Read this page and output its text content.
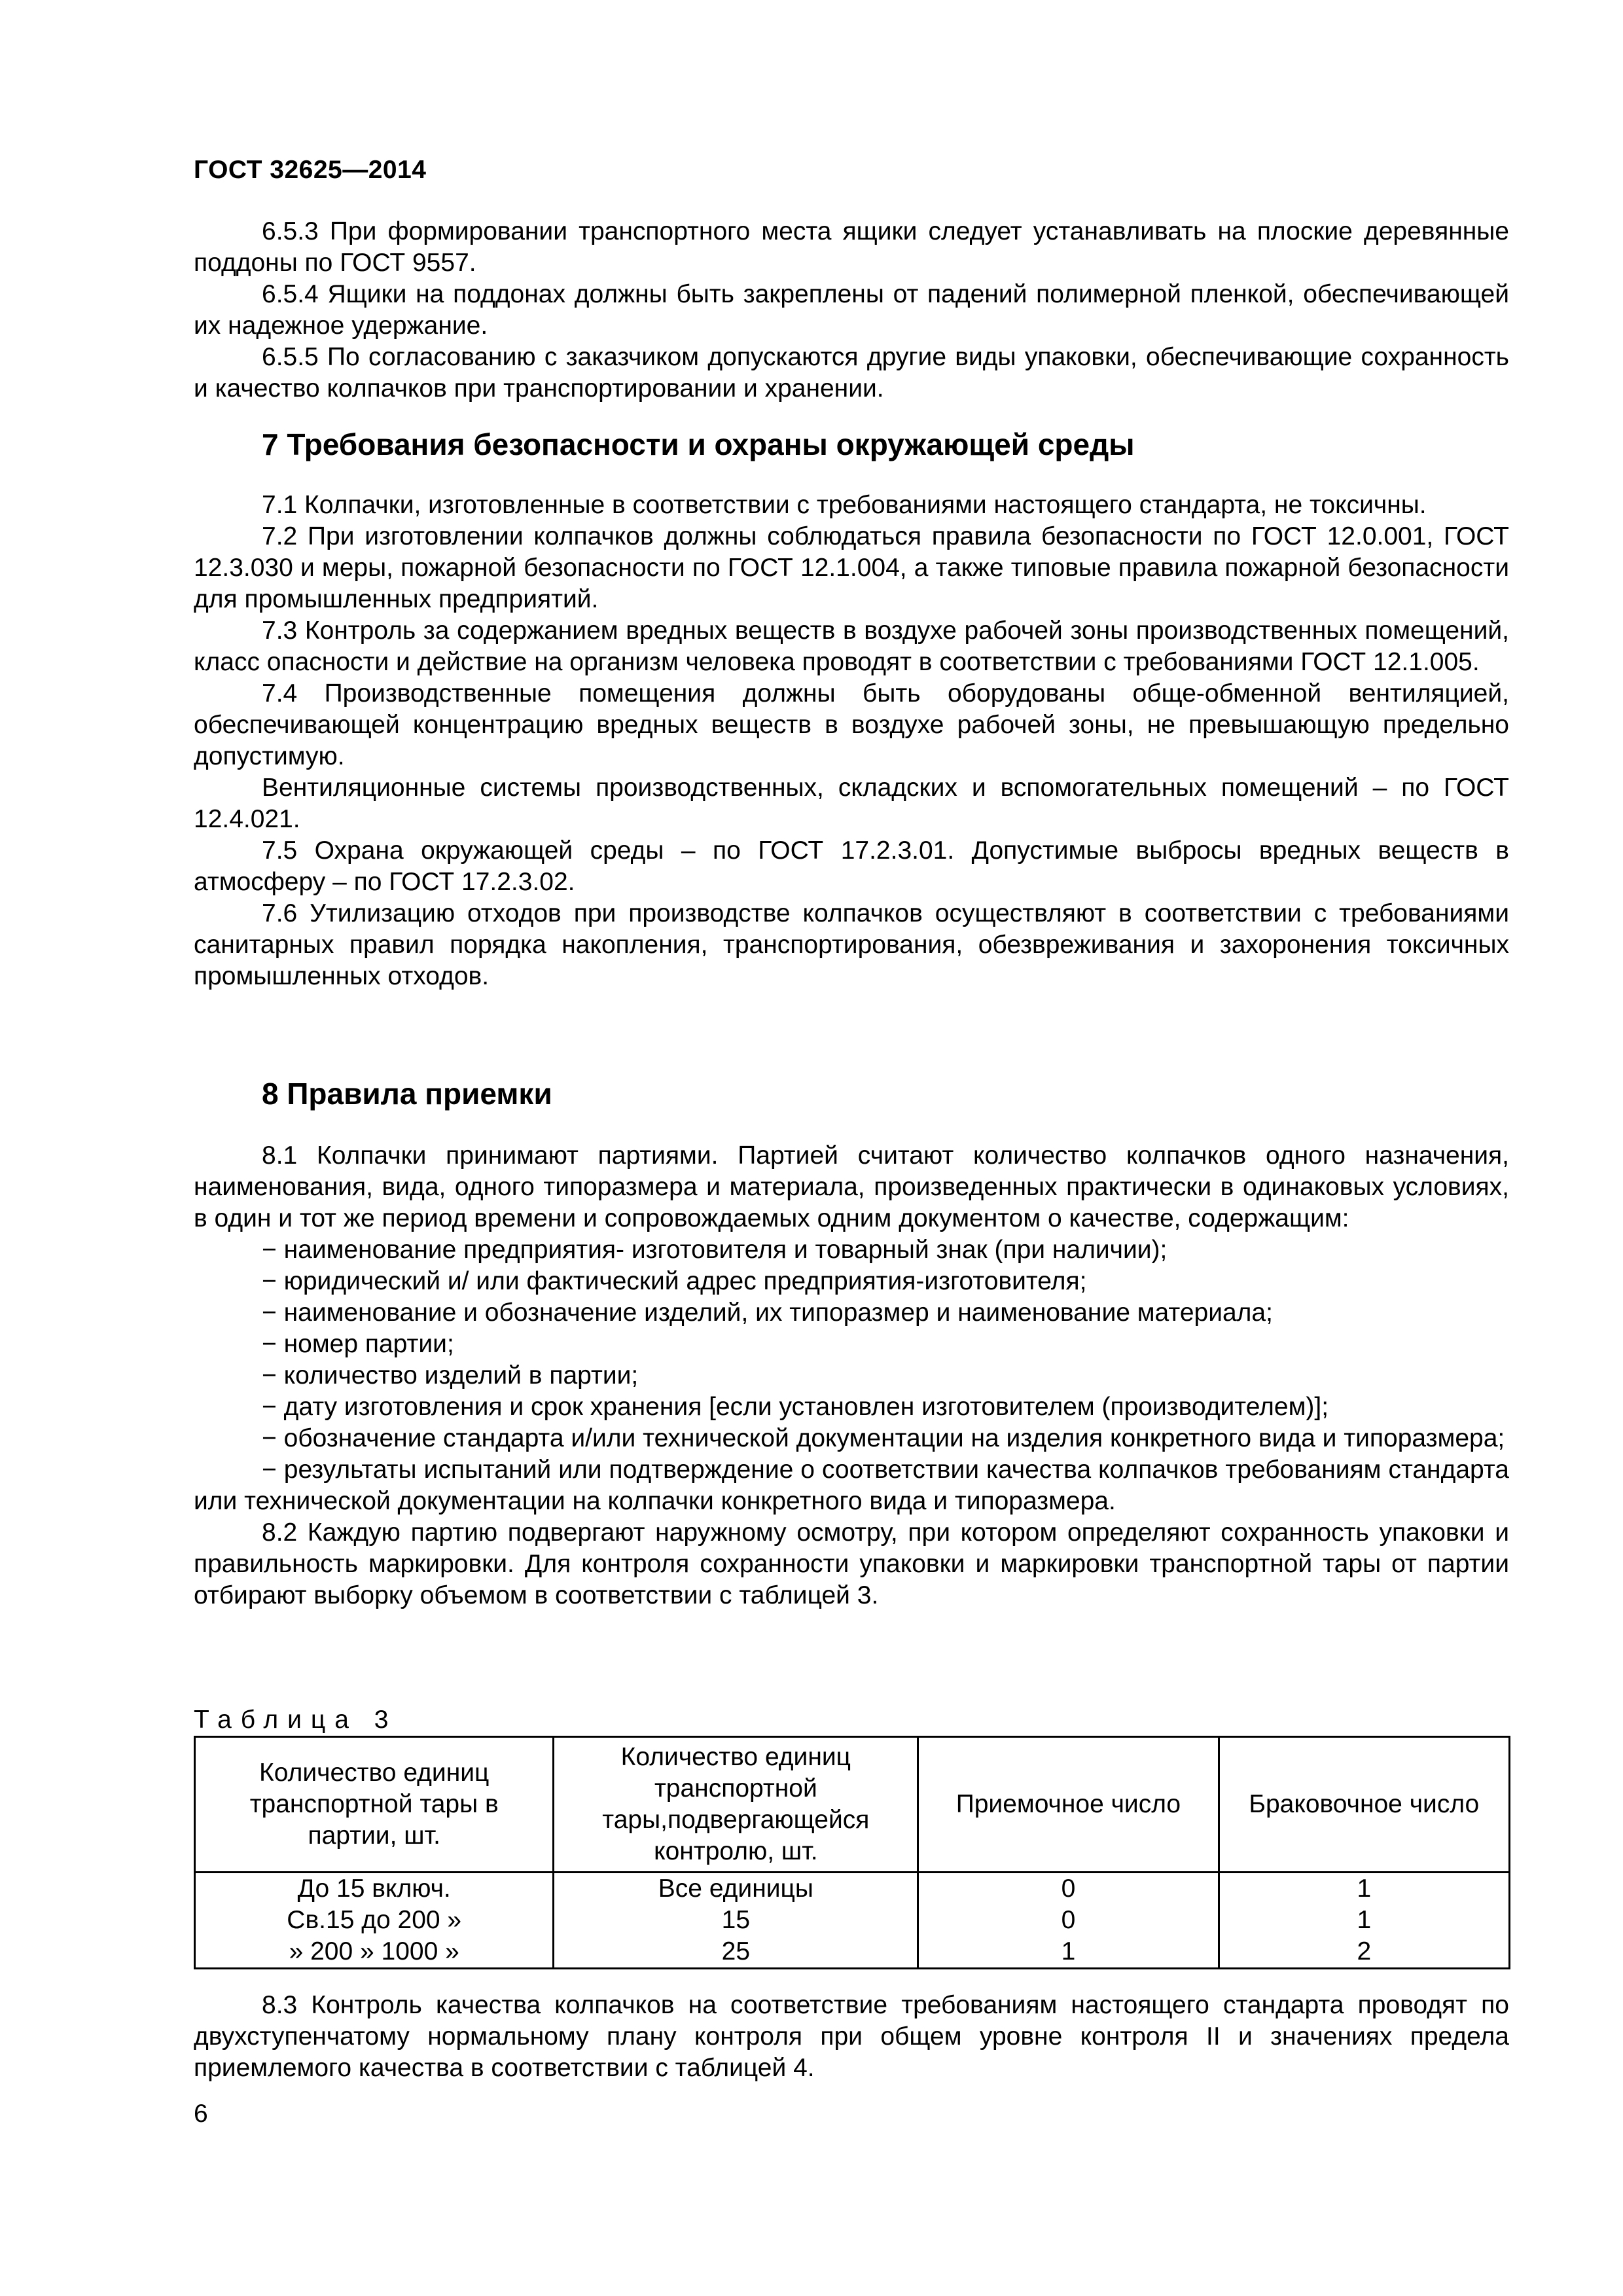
ГОСТ 32625—2014

6.5.3 При формировании транспортного места ящики следует устанавливать на плоские деревянные поддоны по ГОСТ 9557.

6.5.4 Ящики на поддонах должны быть закреплены от падений полимерной пленкой, обеспечивающей их надежное удержание.

6.5.5 По согласованию с заказчиком допускаются другие виды упаковки, обеспечивающие сохранность и качество колпачков при транспортировании и хранении.

7 Требования безопасности и охраны окружающей среды

7.1 Колпачки, изготовленные в соответствии с требованиями настоящего стандарта, не токсичны.

7.2 При изготовлении колпачков должны соблюдаться правила безопасности по ГОСТ 12.0.001, ГОСТ 12.3.030 и меры, пожарной безопасности по ГОСТ 12.1.004, а также типовые правила пожарной безопасности для промышленных предприятий.

7.3 Контроль за содержанием вредных веществ в воздухе рабочей зоны производственных помещений, класс опасности и действие на организм человека проводят в соответствии с требованиями ГОСТ 12.1.005.

7.4 Производственные помещения должны быть оборудованы обще-обменной вентиляцией, обеспечивающей концентрацию вредных веществ в воздухе рабочей зоны, не превышающую предельно допустимую.

Вентиляционные системы производственных, складских и вспомогательных помещений – по ГОСТ 12.4.021.

7.5 Охрана окружающей среды – по ГОСТ 17.2.3.01. Допустимые выбросы вредных веществ в атмосферу – по ГОСТ 17.2.3.02.

7.6 Утилизацию отходов при производстве колпачков осуществляют в соответствии с требованиями санитарных правил порядка накопления, транспортирования, обезвреживания и захоронения токсичных промышленных отходов.

8 Правила приемки

8.1 Колпачки принимают партиями. Партией считают количество колпачков одного назначения, наименования, вида, одного типоразмера и материала, произведенных практически в одинаковых условиях, в один и тот же период времени и сопровождаемых одним документом о качестве, содержащим:

− наименование предприятия- изготовителя и товарный знак (при наличии);

− юридический и/ или фактический адрес предприятия-изготовителя;

− наименование и обозначение изделий, их типоразмер и наименование материала;

− номер партии;

− количество изделий в партии;

− дату изготовления и срок хранения [если установлен изготовителем (производителем)];

− обозначение стандарта и/или технической документации на изделия конкретного вида и типоразмера;

− результаты испытаний или подтверждение о соответствии качества колпачков требованиям стандарта или технической документации на колпачки конкретного вида и типоразмера.

8.2 Каждую партию подвергают наружному осмотру, при котором определяют сохранность упаковки и правильность маркировки. Для контроля сохранности упаковки и маркировки транспортной тары от партии отбирают выборку объемом в соответствии с таблицей 3.

Таблица 3
Количество единиц транспортной тары в партии, шт.	Количество единиц транспортной тары,подвергающейся контролю, шт.	Приемочное число	Браковочное число
До 15 включ.	Все единицы	0	1
Св.15 до 200 »	15	0	1
» 200 » 1000 »	25	1	2

8.3 Контроль качества колпачков на соответствие требованиям настоящего стандарта проводят по двухступенчатому нормальному плану контроля при общем уровне контроля II и значениях предела приемлемого качества в соответствии с таблицей 4.

6
